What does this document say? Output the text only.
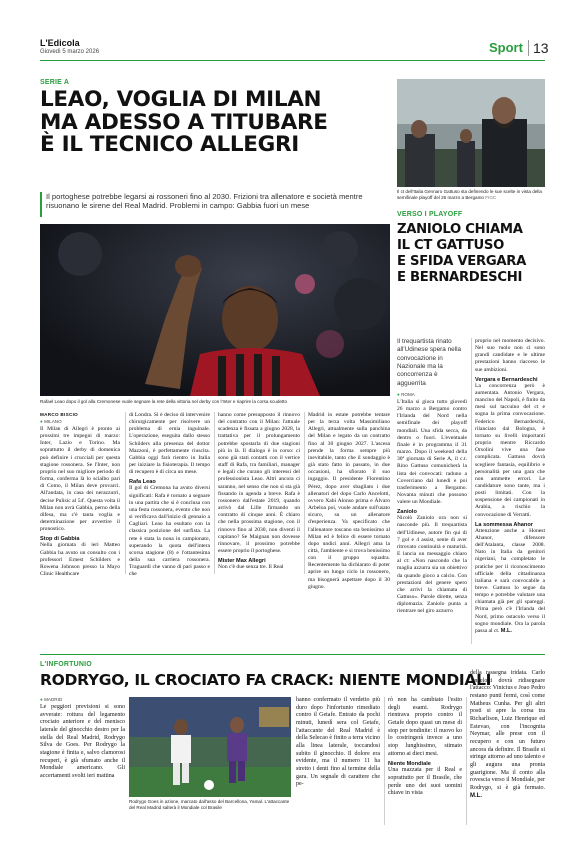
L'Edicola
Giovedì 5 marzo 2026	Sport 13
SERIE A
LEAO, VOGLIA DI MILAN
MA ADESSO A TITUBARE
È IL TECNICO ALLEGRI
Il portoghese potrebbe legarsi ai rossoneri fino al 2030. Frizioni tra allenatore e società mentre risuonano le sirene del Real Madrid. Problemi in campo: Gabbia fuori un mese
Rafael Leao dopo il gol alla Cremonese vuole segnare la rete della vittoria nel derby con l'Inter e riaprire la corsa scudetto
MARCO BISCIO
● MILANO

Il Milan di Allegri è pronto ai prossimi tre impegni di marzo: Inter, Lazio e Torino. Ma soprattutto il derby di domenica può definire i crucciali per questa stagione rossonera. Se l'Inter, non proprio nel suo migliore periodo di forma, conferma là lo scialbo pari di Como, il Milan deve provarci. All'andata, in casa dei nerazzurri, decise Pulisic al 54'. Questa volta il Milan non avrà Gabbia, perno della difesa, ma c'è tanta voglia e determinazione per avvertire il pronostico.

Stop di Gabbia

Nella giornata di ieri Matteo Gabbia ha avuto un consulto con i professori Ernest Schilders e Rowena Johnson presso la Mayo Clinic Healthcare

di Londra. Si è deciso di intervenire chirurgicamente per risolvere un problema di ernia inguinale. L'operazione, eseguita dallo stesso Schilders alla presenza del dottor Mazzoni, è perfettamente riuscita. Gabbia oggi farà rientro in Italia per iniziare la fisioterapia. Il tempo di recupero è di circa un mese.

Rafa Leao

Il gol di Cremona ha avuto diversi significati: Rafa è tornato a segnare in una partita che si è conclusa con una festa rossonera, evento che non si verificava dall'inizio di gennaio a Cagliari. Leao ha esultato con la classica posizione del surfista. La rete è stata la nona in campionato, superando la quota dell'intera scorsa stagione (8) e l'ottantesima della sua carriera rossonera. Traguardi che vanno di pari passo e che

hanno come presupposto il rinnovo del contratto con il Milan: l'attuale scadenza è fissata a giugno 2028, la trattativa per il prolungamento potrebbe spostarla di due stagioni più in là. Il dialogo è in corso: ci sono già stati contatti con il vertice staff di Rafa, tra familiari, manager e legali che curano gli interessi del professionista Leao. Altri ancora ci saranno, nel senso che non si sta già fissando in agenda a breve. Rafa è rossonero dall'estate 2019, quando arrivò dal Lille firmando un contratto di cinque anni. È chiaro che nella prossima stagione, con il rinnovo fino al 2030, non diventi il capitano? Se Maignan non dovesse rinnovare, il prossimo potrebbe essere proprio il portoghese.

Mister Max Allegri

Non c'è due senza tre. Il Real

Madrid in estate potrebbe tentare per la terza volta Massimiliano Allegri, attualmente sulla panchina del Milan e legato da un contratto fino al 30 giugno 2027. L'ascesa prende la forma sempre più inevitabile, tanto che il sondaggio è già stato fatto in passato, in due occasioni, ha sfiorato il suo ingaggio. Il presidente Florentino Pérez, dopo aver sbagliato i due allenatori del dopo Carlo Ancelotti, ovvero Xabi Alonso prima e Álvaro Arbeloa poi, vuole andare sull'usato sicuro, su un allenatore d'esperienza. Va specificato che l'allenatore toscano sta benissimo al Milan ed è felice di essere tornato dopo undici anni. Allegri ama la città, l'ambiente e si trova benissimo con il gruppo squadra. Recentemente ha dichiarato di poter aprire un lungo ciclo in rossonero, ma bisognerà aspettare dopo il 30 giugno.

Il ct dell'Italia Gennaro Gattuso sta definendo le sue scelte in vista della semifinale playoff del 26 marzo a Bergamo FIGC
VERSO I PLAYOFF
ZANIOLO CHIAMA
IL CT GATTUSO
E SFIDA VERGARA
E BERNARDESCHI
Il trequartista rinato all'Udinese spera nella convocazione in Nazionale ma la concorrenza è agguerrita
● ROMA

L'Italia si gioca tutto giovedì 26 marzo a Bergamo contro l'Irlanda del Nord nella semifinale dei playoff mondiali. Una sfida secca, da dentro o fuori. L'eventuale finale è in programma il 31 marzo. Dopo il weekend della 30ª giornata di Serie A, il c.t. Rino Gattuso comunicherà la lista dei convocati: raduno a Coverciano dal lunedì e poi trasferimento a Bergamo. Novanta minuti che possono valere un Mondiale.

Zaniolo

Nicolò Zaniolo ora non si nasconde più. Il trequartista dell'Udinese, autore fin qui di 7 gol e 4 assist, sente di aver ritrovato continuità e maturità. E lancia un messaggio chiaro al ct: «Non nascondo che la maglia azzurra sia un obiettivo da quando gioco a calcio. Con prestazioni del genere spero che arrivi la chiamata di Gattuso». Parole dirette, senza diplomazia. Zaniolo punta a rientrare nel giro azzurro

proprio nel momento decisivo. Nel suo ruolo non ci sono grandi candidate e le ultime prestazioni hanno riacceso le sue ambizioni.

Vergara e Bernardeschi

La concorrenza però è aumentata. Antonio Vergara, mancino del Napoli, è finito da mesi sul taccuino del ct e sogna la prima convocazione. Federico Bernardeschi, rilanciato dal Bologna, è tornato su livelli importanti proprio mentre Riccardo Orsolini vive una fase complicata. Gattuso dovrà scegliere fantasia, equilibrio e personalità per una gara che non ammette errori. Le candidature sono tante, ma i posti limitati. Con la sospensione dei campionati in Arabia, a rischio la convocazione di Verratti.

La sommessa Ahanor

Attenzione anche a Honest Ahanor, difensore dell'Atalanta, classe 2008. Nato in Italia da genitori nigeriani, ha completato le pratiche per il riconoscimento ufficiale della cittadinanza italiana e sarà convocabile a breve. Gattuso lo segue da tempo e potrebbe valutare una chiamata già per gli spareggi. Prima però c'è l'Irlanda del Nord, primo ostacolo verso il sogno mondiale. Ora la parola passa al ct. M.L.

L'INFORTUNIO
RODRYGO, IL CROCIATO FA CRACK: NIENTE MONDIALI
● MADRID

Le peggiori previsioni si sono avverate: rottura del legamento crociato anteriore e del menisco laterale del ginocchio destro per la stella del Real Madrid, Rodrygo Silva de Goes. Per Rodrygo la stagione è finita e, salvo clamorosi recuperi, è già sfumato anche il Mondiale americano. Gli accertamenti svolti ieri mattina

Rodrygo Goes in azione, marcato dall'asso del Barcellona, Yamal. L'attaccante del Real Madrid salterà il Mondiale col Brasile

hanno confermato il verdetto più duro dopo l'infortunio rimediato contro il Getafe. Entrato da pochi minuti, lunedì sera col Getafe, l'attaccante del Real Madrid è della Selecao è finito a terra vicino alla linea laterale, toccandosi subito il ginocchio. Il dolore era evidente, ma il numero 11 ha stretto i denti fino al termine della gara. Un segnale di carattere che pe-

rò non ha cambiato l'esito degli esami. Rodrygo rientrava proprio contro il Getafe dopo quasi un mese di stop per tendinite: il nuovo ko lo costringerà invece a uno stop lunghissimo, stimato attorno ai dieci mesi.

Niente Mondiale

Una mazzata per il Real e soprattutto per il Brasile, che perde uno dei suoi uomini chiave in vista

della rassegna iridata. Carlo Ancelotti dovrà ridisegnare l'attacco: Vinicius e Joao Pedro restano punti fermi, così come Matheus Cunha. Per gli altri posti si apre la corsa tra Richarlison, Luiz Henrique ed Estevao, con l'incognita Neymar, alle prese con il recupero e con un futuro ancora da definire. Il Brasile si stringe attorno ad uno talento e gli augura una pronta guarigione. Ma il conto alla rovescia verso il Mondiale, per Rodrygo, si è già fermato. M.L.
